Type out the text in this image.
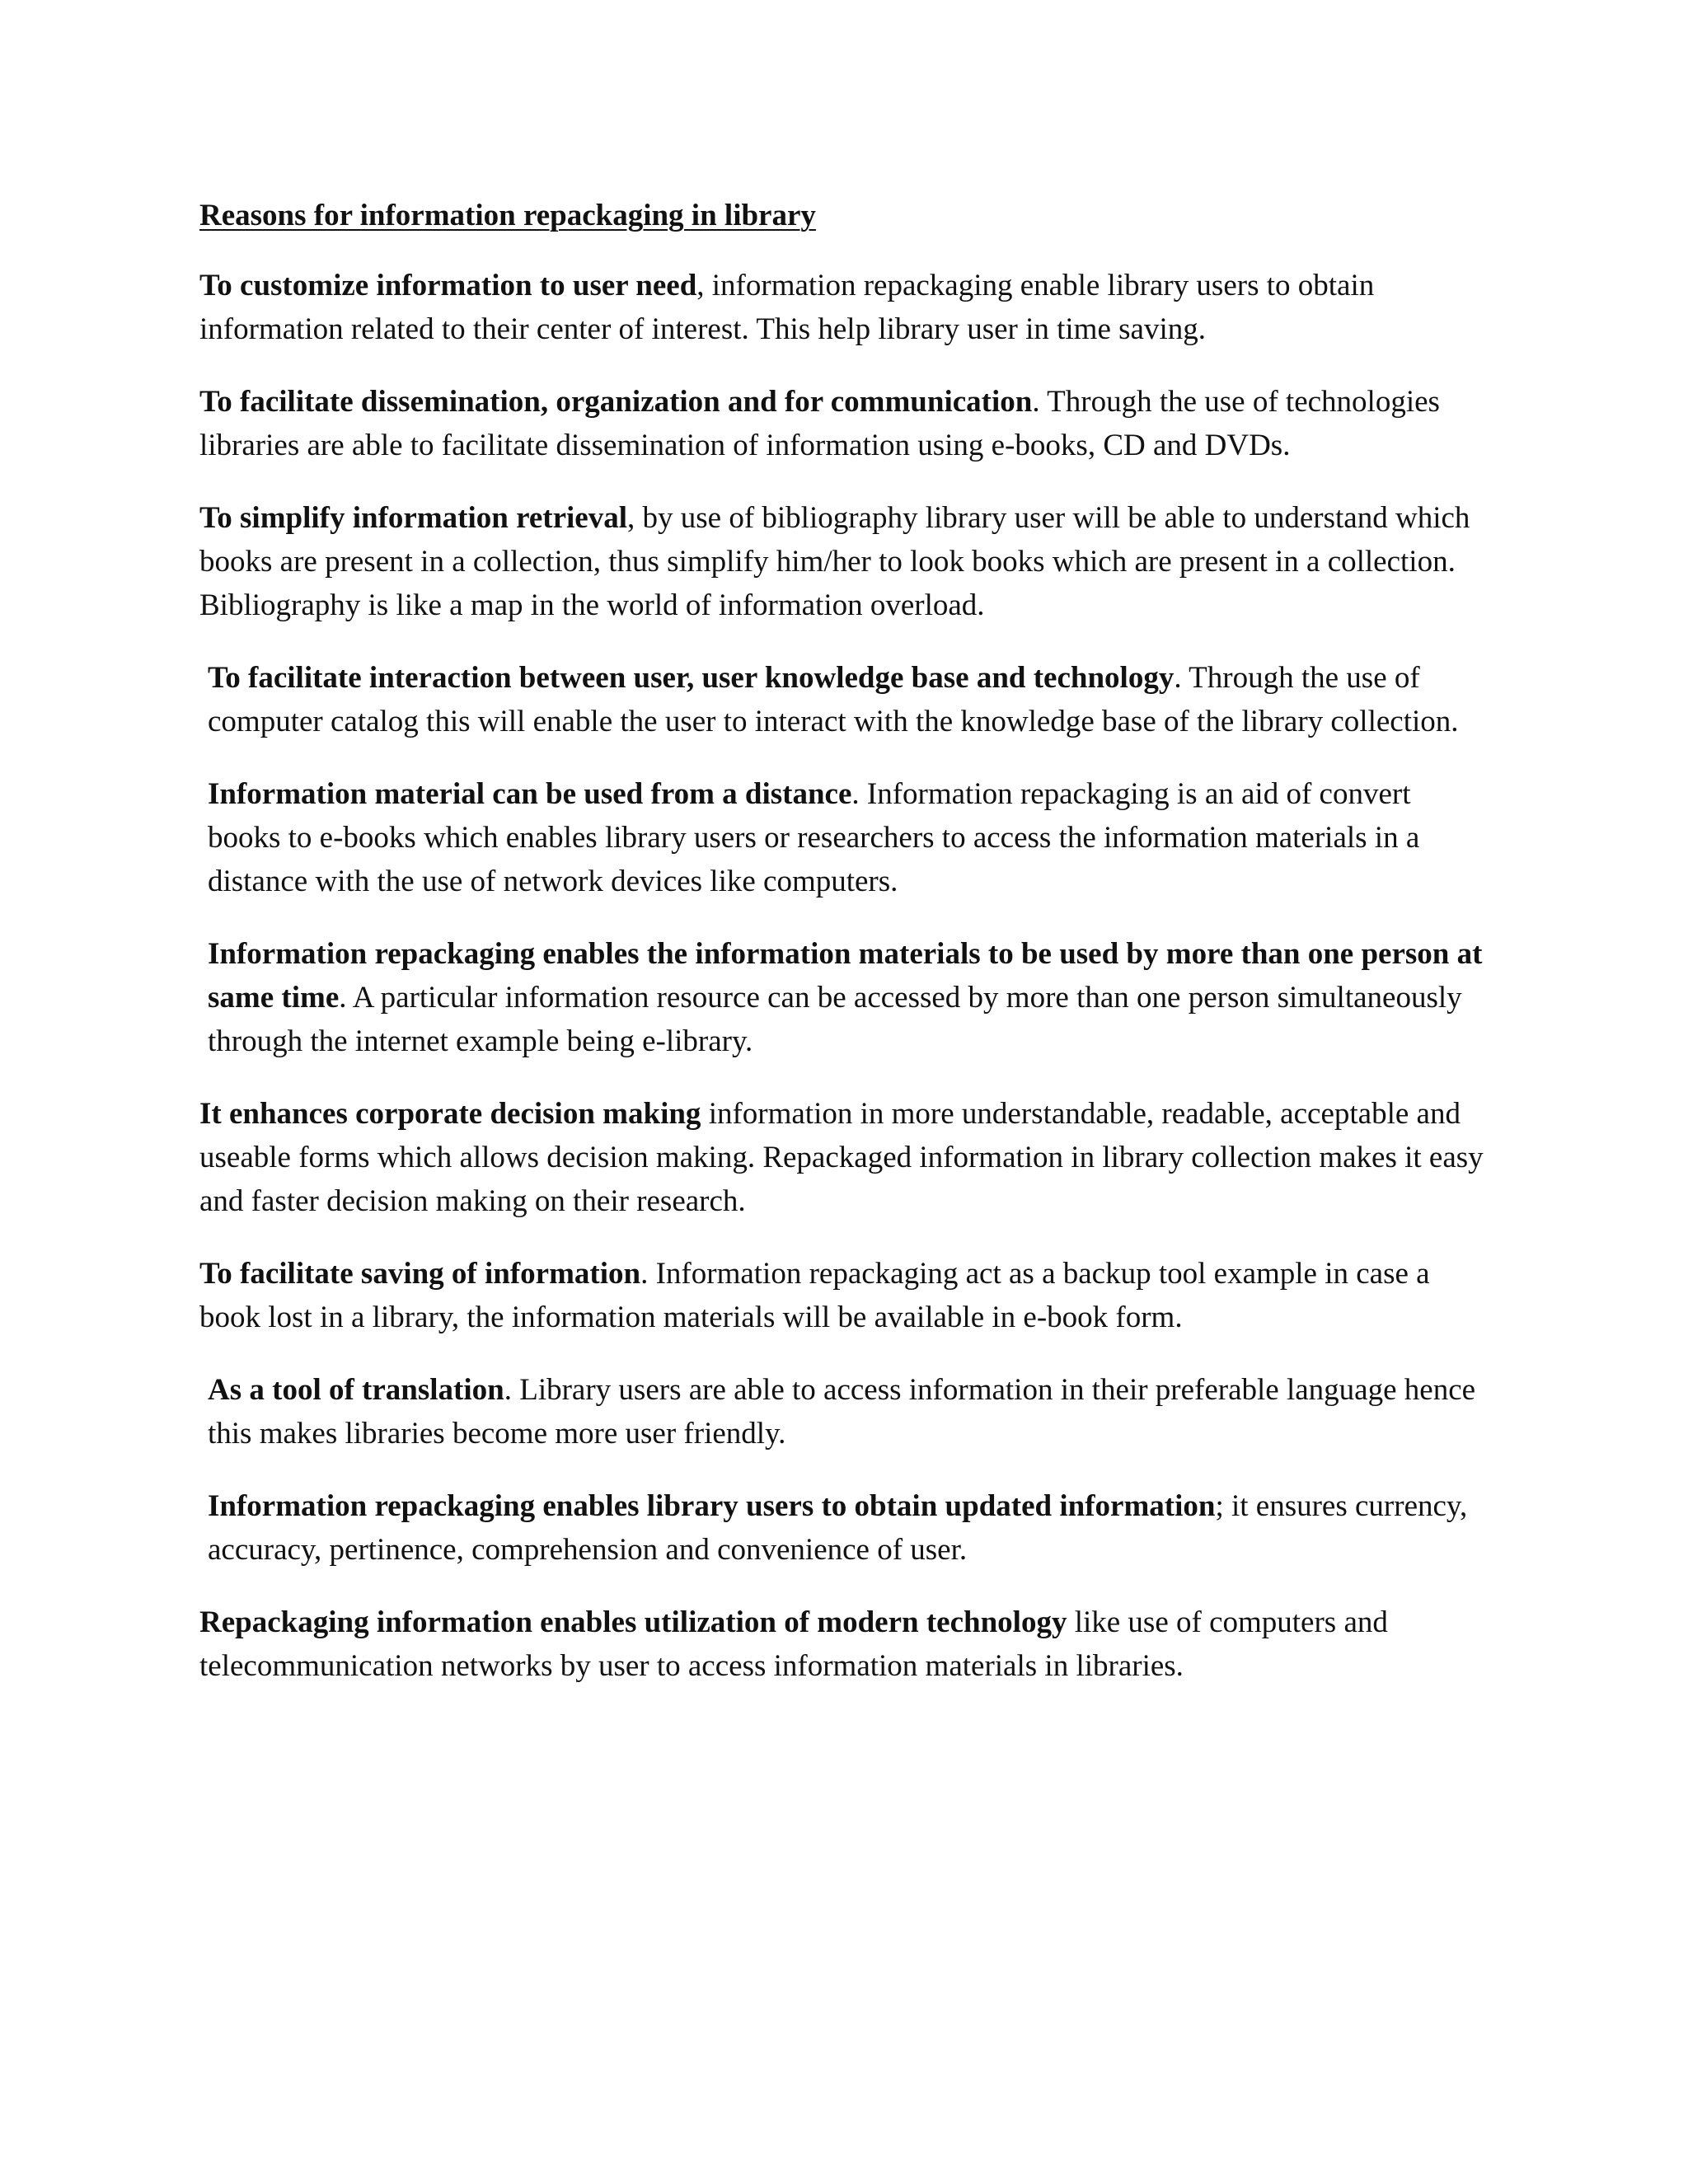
Reasons for information repackaging in library

To customize information to user need, information repackaging enable library users to obtain information related to their center of interest. This help library user in time saving.

To facilitate dissemination, organization and for communication. Through the use of technologies libraries are able to facilitate dissemination of information using e-books, CD and DVDs.

To simplify information retrieval, by use of bibliography library user will be able to understand which books are present in a collection, thus simplify him/her to look books which are present in a collection. Bibliography is like a map in the world of information overload.

To facilitate interaction between user, user knowledge base and technology. Through the use of computer catalog this will enable the user to interact with the knowledge base of the library collection.

Information material can be used from a distance. Information repackaging is an aid of convert books to e-books which enables library users or researchers to access the information materials in a distance with the use of network devices like computers.

Information repackaging enables the information materials to be used by more than one person at same time. A particular information resource can be accessed by more than one person simultaneously through the internet example being e-library.

It enhances corporate decision making information in more understandable, readable, acceptable and useable forms which allows decision making. Repackaged information in library collection makes it easy and faster decision making on their research.

To facilitate saving of information. Information repackaging act as a backup tool example in case a book lost in a library, the information materials will be available in e-book form.

As a tool of translation. Library users are able to access information in their preferable language hence this makes libraries become more user friendly.

Information repackaging enables library users to obtain updated information; it ensures currency, accuracy, pertinence, comprehension and convenience of user.

Repackaging information enables utilization of modern technology like use of computers and telecommunication networks by user to access information materials in libraries.
